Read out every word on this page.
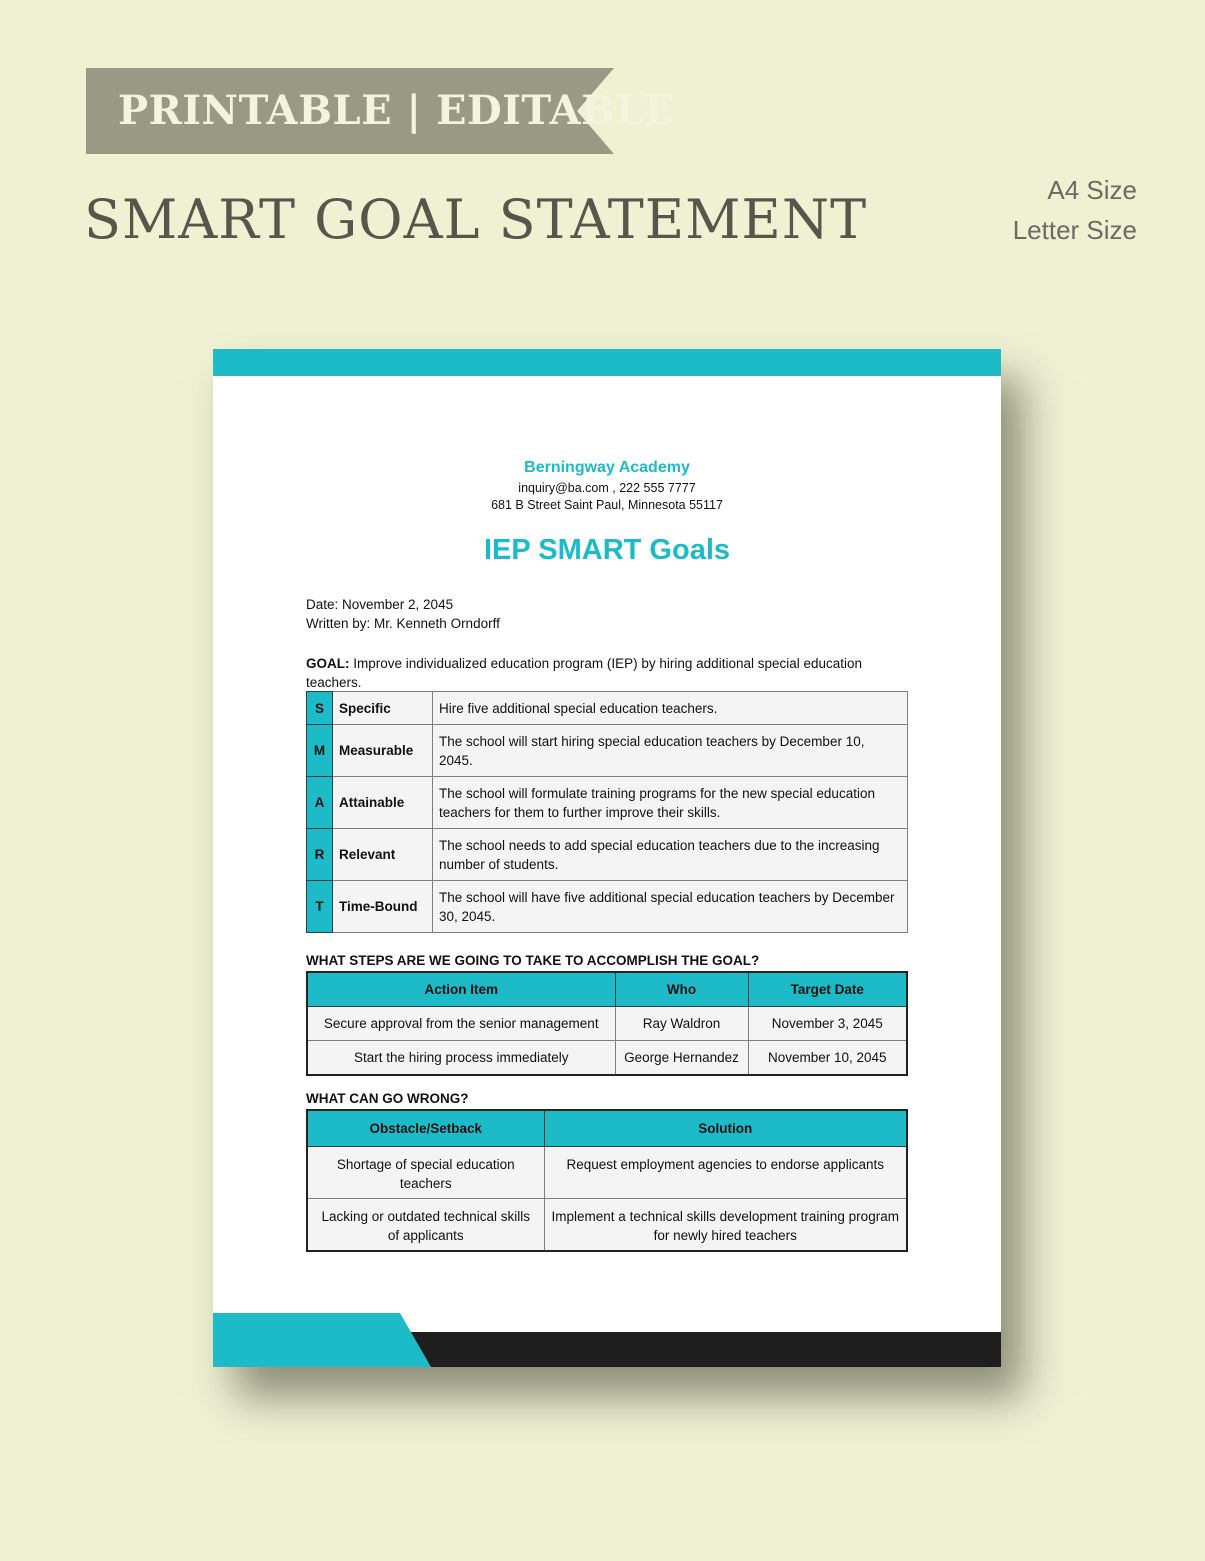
PRINTABLE | EDITABLE
SMART GOAL STATEMENT	A4 Size
Letter Size
Berningway Academy
inquiry@ba.com , 222 555 7777
681 B Street Saint Paul, Minnesota 55117
IEP SMART Goals
Date: November 2, 2045
Written by: Mr. Kenneth Orndorff
GOAL: Improve individualized education program (IEP) by hiring additional special education teachers.
S	Specific	Hire five additional special education teachers.
M	Measurable	The school will start hiring special education teachers by December 10, 2045.
A	Attainable	The school will formulate training programs for the new special education teachers for them to further improve their skills.
R	Relevant	The school needs to add special education teachers due to the increasing number of students.
T	Time-Bound	The school will have five additional special education teachers by December 30, 2045.
WHAT STEPS ARE WE GOING TO TAKE TO ACCOMPLISH THE GOAL?
Action Item	Who	Target Date
Secure approval from the senior management	Ray Waldron	November 3, 2045
Start the hiring process immediately	George Hernandez	November 10, 2045
WHAT CAN GO WRONG?
Obstacle/Setback	Solution
Shortage of special education teachers	Request employment agencies to endorse applicants
Lacking or outdated technical skills of applicants	Implement a technical skills development training program for newly hired teachers
